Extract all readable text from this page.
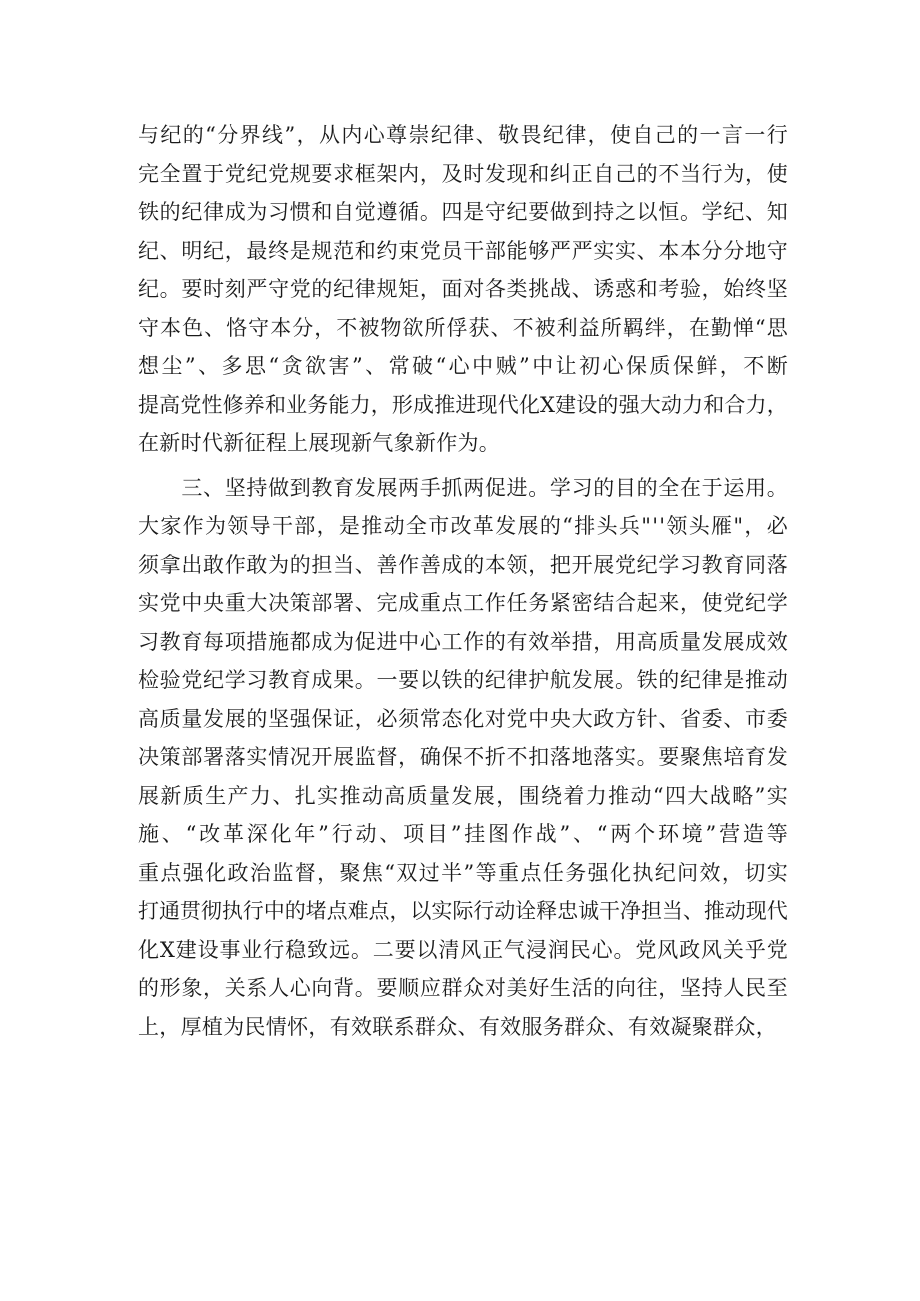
与纪的“分界线”，从内心尊崇纪律、敬畏纪律，使自己的一言一行
完全置于党纪党规要求框架内，及时发现和纠正自己的不当行为，使
铁的纪律成为习惯和自觉遵循。四是守纪要做到持之以恒。学纪、知
纪、明纪，最终是规范和约束党员干部能够严严实实、本本分分地守
纪。要时刻严守党的纪律规矩，面对各类挑战、诱惑和考验，始终坚
守本色、恪守本分，不被物欲所俘获、不被利益所羁绊，在勤惮“思
想尘”、多思“贪欲害”、常破“心中贼”中让初心保质保鲜，不断
提高党性修养和业务能力，形成推进现代化X建设的强大动力和合力，
在新时代新征程上展现新气象新作为。
　　三、坚持做到教育发展两手抓两促进。学习的目的全在于运用。
大家作为领导干部，是推动全市改革发展的“排头兵"''领头雁"，必
须拿出敢作敢为的担当、善作善成的本领，把开展党纪学习教育同落
实党中央重大决策部署、完成重点工作任务紧密结合起来，使党纪学
习教育每项措施都成为促进中心工作的有效举措，用高质量发展成效
检验党纪学习教育成果。一要以铁的纪律护航发展。铁的纪律是推动
高质量发展的坚强保证，必须常态化对党中央大政方针、省委、市委
决策部署落实情况开展监督，确保不折不扣落地落实。要聚焦培育发
展新质生产力、扎实推动高质量发展，围绕着力推动“四大战略”实
施、“改革深化年”行动、项目”挂图作战”、“两个环境”营造等
重点强化政治监督，聚焦“双过半”等重点任务强化执纪问效，切实
打通贯彻执行中的堵点难点，以实际行动诠释忠诚干净担当、推动现代
化X建设事业行稳致远。二要以清风正气浸润民心。党风政风关乎党
的形象，关系人心向背。要顺应群众对美好生活的向往，坚持人民至
上，厚植为民情怀，有效联系群众、有效服务群众、有效凝聚群众，
